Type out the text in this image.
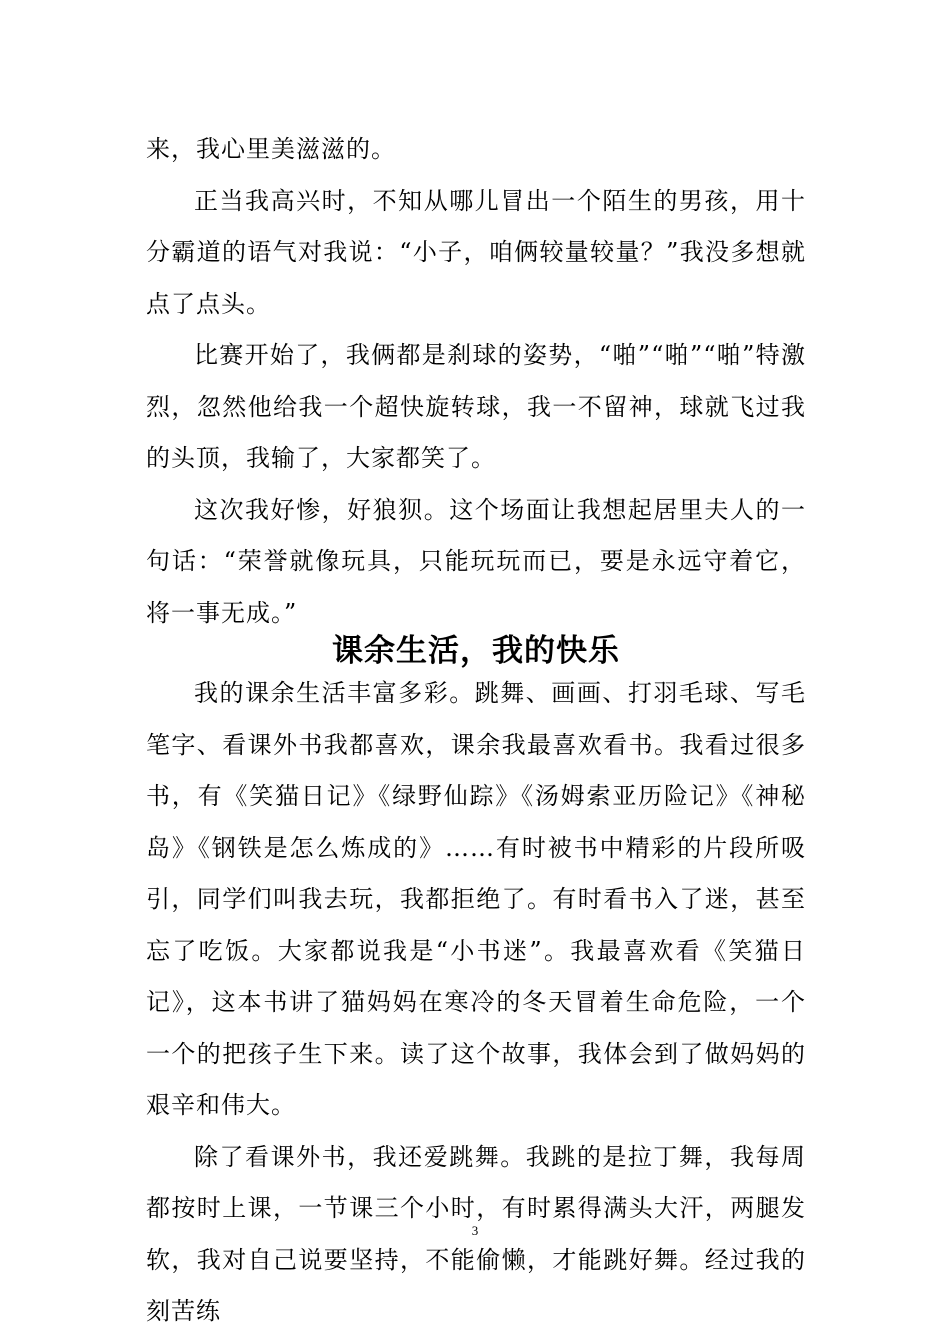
来，我心里美滋滋的。

正当我高兴时，不知从哪儿冒出一个陌生的男孩，用十分霸道的语气对我说：“小子，咱俩较量较量？”我没多想就点了点头。

比赛开始了，我俩都是刹球的姿势，“啪”“啪”“啪”特激烈，忽然他给我一个超快旋转球，我一不留神，球就飞过我的头顶，我输了，大家都笑了。

这次我好惨，好狼狈。这个场面让我想起居里夫人的一句话：“荣誉就像玩具，只能玩玩而已，要是永远守着它，将一事无成。”

课余生活，我的快乐

我的课余生活丰富多彩。跳舞、画画、打羽毛球、写毛笔字、看课外书我都喜欢，课余我最喜欢看书。我看过很多书，有《笑猫日记》《绿野仙踪》《汤姆索亚历险记》《神秘岛》《钢铁是怎么炼成的》……有时被书中精彩的片段所吸引，同学们叫我去玩，我都拒绝了。有时看书入了迷，甚至忘了吃饭。大家都说我是“小书迷”。我最喜欢看《笑猫日记》，这本书讲了猫妈妈在寒冷的冬天冒着生命危险，一个一个的把孩子生下来。读了这个故事，我体会到了做妈妈的艰辛和伟大。

除了看课外书，我还爱跳舞。我跳的是拉丁舞，我每周都按时上课，一节课三个小时，有时累得满头大汗，两腿发软，我对自己说要坚持，不能偷懒，才能跳好舞。经过我的刻苦练

3
